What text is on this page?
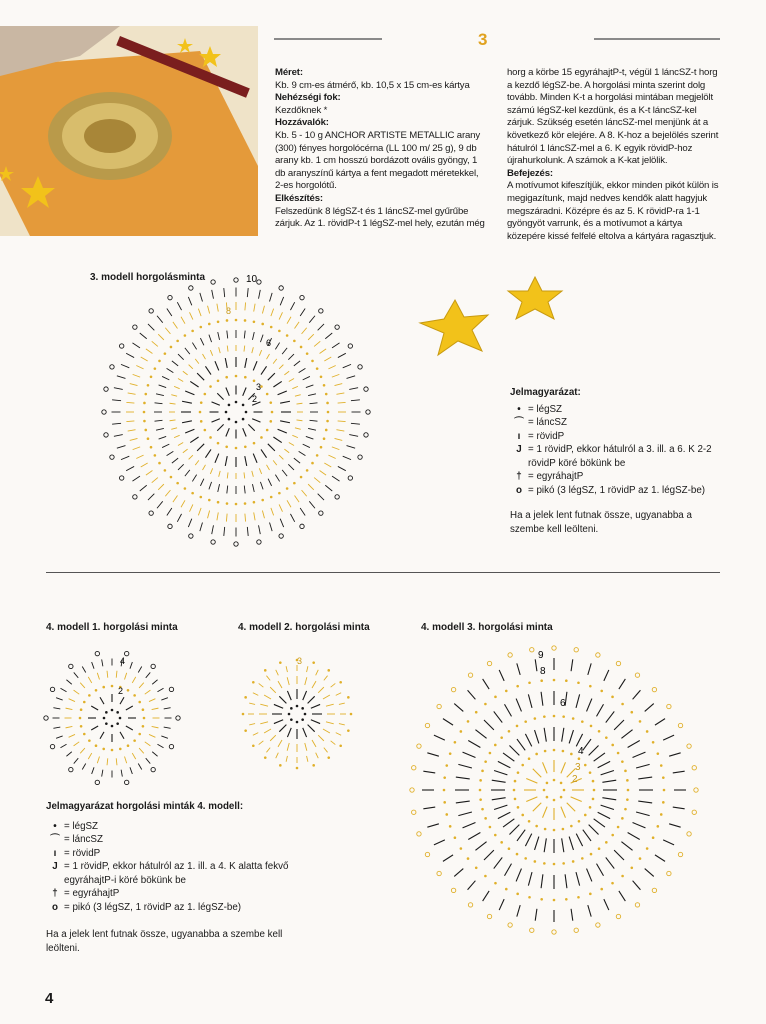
3
Méret:
Kb. 9 cm-es átmérő, kb. 10,5 x 15 cm-es kártya
Nehézségi fok:
Kezdőknek *
Hozzávalók:
Kb. 5 - 10 g ANCHOR ARTISTE METALLIC arany (300) fényes horgolócérna (LL 100 m/ 25 g), 9 db arany kb. 1 cm hosszú bordázott ovális gyöngy, 1 db aranyszínű kártya a fent megadott méretekkel, 2-es horgolótű.
Elkészítés:
Felszedünk 8 légSZ-t és 1 láncSZ-mel gyűrűbe zárjuk. Az 1. rövidP-t 1 légSZ-mel hely, ezután még
horg a körbe 15 egyráhajtP-t, végül 1 láncSZ-t horg a kezdő légSZ-be. A horgolási minta szerint dolg tovább. Minden K-t a horgolási mintában megjelölt számú légSZ-kel kezdünk, és a K-t láncSZ-kel zárjuk. Szükség esetén láncSZ-mel menjünk át a következő kör elejére. A 8. K-hoz a bejelölés szerint hátulról 1 láncSZ-mel a 6. K egyik rövidP-hoz újrahurkolunk. A számok a K-kat jelölik.
Befejezés:
A motívumot kifeszítjük, ekkor minden pikót külön is megigazítunk, majd nedves kendők alatt hagyjuk megszáradni. Középre és az 5. K rövidP-ra 1-1 gyöngyöt varrunk, és a motívumot a kártya közepére kissé felfelé eltolva a kártyára ragasztjuk.
3. modell horgolásminta	10
8
6
3
2
Jelmagyarázat:
• = légSZ
⌒ = láncSZ
ı = rövidP
J = 1 rövidP, ekkor hátulról a 3. ill. a 6. K 2-2 rövidP köré bökünk be
† = egyráhajtP
o = pikó (3 légSZ, 1 rövidP az 1. légSZ-be)
Ha a jelek lent futnak össze, ugyanabba a szembe kell leölteni.
4. modell 1. horgolási minta
4
2
4. modell 2. horgolási minta
3
4. modell 3. horgolási minta
9
8
6
4
3
2
Jelmagyarázat horgolási minták 4. modell:
• = légSZ
⌒ = láncSZ
ı = rövidP
J = 1 rövidP, ekkor hátulról az 1. ill. a 4. K alatta fekvő egyráhajtP-i köré bökünk be
† = egyráhajtP
o = pikó (3 légSZ, 1 rövidP az 1. légSZ-be)
Ha a jelek lent futnak össze, ugyanabba a szembe kell leölteni.
4
